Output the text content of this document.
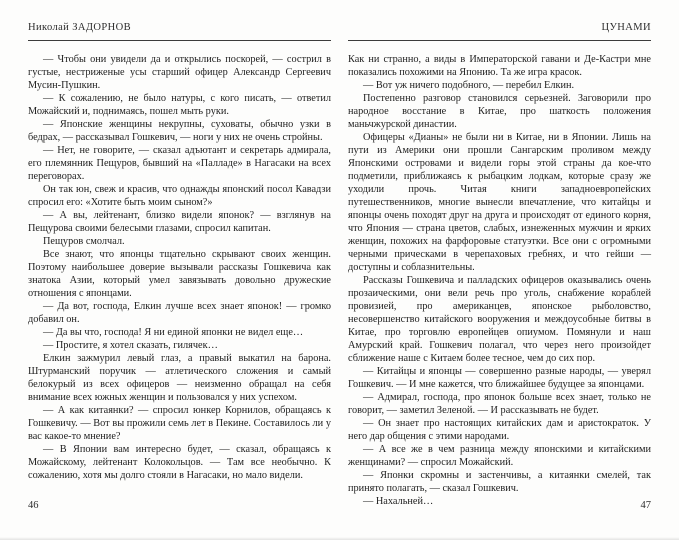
Николай ЗАДОРНОВ

— Чтобы они увидели да и открылись поскорей, — сострил в густые, нестриженые усы старший офицер Александр Сергеевич Мусин-Пушкин.

— К сожалению, не было натуры, с кого писать, — ответил Можайский и, поднимаясь, пошел мыть руки.

— Японские женщины некрупны, суховаты, обычно узки в бедрах, — рассказывал Гошкевич, — ноги у них не очень стройны.

— Нет, не говорите, — сказал адъютант и секретарь адмирала, его племянник Пещуров, бывший на «Палладе» в Нагасаки на всех переговорах.

Он так юн, свеж и красив, что однажды японский посол Кавадзи спросил его: «Хотите быть моим сыном?»

— А вы, лейтенант, близко видели японок? — взглянув на Пещурова своими белесыми глазами, спросил капитан.

Пещуров смолчал.

Все знают, что японцы тщательно скрывают своих женщин. Поэтому наибольшее доверие вызывали рассказы Гошкевича как знатока Азии, который умел завязывать довольно дружеские отношения с японцами.

— Да вот, господа, Елкин лучше всех знает японок! — громко добавил он.

— Да вы что, господа! Я ни единой японки не видел еще…

— Простите, я хотел сказать, гилячек…

Елкин зажмурил левый глаз, а правый выкатил на барона. Штурманский поручик — атлетического сложения и самый белокурый из всех офицеров — неизменно обращал на себя внимание всех южных женщин и пользовался у них успехом.

— А как китаянки? — спросил юнкер Корнилов, обращаясь к Гошкевичу. — Вот вы прожили семь лет в Пекине. Составилось ли у вас какое-то мнение?

— В Японии вам интересно будет, — сказал, обращаясь к Можайскому, лейтенант Колокольцов. — Там все необычно. К сожалению, хотя мы долго стояли в Нагасаки, но мало видели.

46
ЦУНАМИ

Как ни странно, а виды в Императорской гавани и Де-Кастри мне показались похожими на Японию. Та же игра красок.

— Вот уж ничего подобного, — перебил Елкин.

Постепенно разговор становился серьезней. Заговорили про народное восстание в Китае, про шаткость положения маньчжурской династии.

Офицеры «Дианы» не были ни в Китае, ни в Японии. Лишь на пути из Америки они прошли Сангарским проливом между Японскими островами и видели горы этой страны да кое-что подметили, приближаясь к рыбацким лодкам, которые сразу же уходили прочь. Читая книги западноевропейских путешественников, многие вынесли впечатление, что китайцы и японцы очень походят друг на друга и происходят от единого корня, что Япония — страна цветов, слабых, изнеженных мужчин и ярких женщин, похожих на фарфоровые статуэтки. Все они с огромными черными прическами в черепаховых гребнях, и что гейши — доступны и соблазнительны.

Рассказы Гошкевича и палладских офицеров оказывались очень прозаическими, они вели речь про уголь, снабжение кораблей провизией, про американцев, японское рыболовство, несовершенство китайского вооружения и междоусобные битвы в Китае, про торговлю европейцев опиумом. Помянули и наш Амурский край. Гошкевич полагал, что через него произойдет сближение наше с Китаем более тесное, чем до сих пор.

— Китайцы и японцы — совершенно разные народы, — уверял Гошкевич. — И мне кажется, что ближайшее будущее за японцами.

— Адмирал, господа, про японок больше всех знает, только не говорит, — заметил Зеленой. — И рассказывать не будет.

— Он знает про настоящих китайских дам и аристократок. У него дар общения с этими народами.

— А все же в чем разница между японскими и китайскими женщинами? — спросил Можайский.

— Японки скромны и застенчивы, а китаянки смелей, так принято полагать, — сказал Гошкевич.

— Нахальней…	47
